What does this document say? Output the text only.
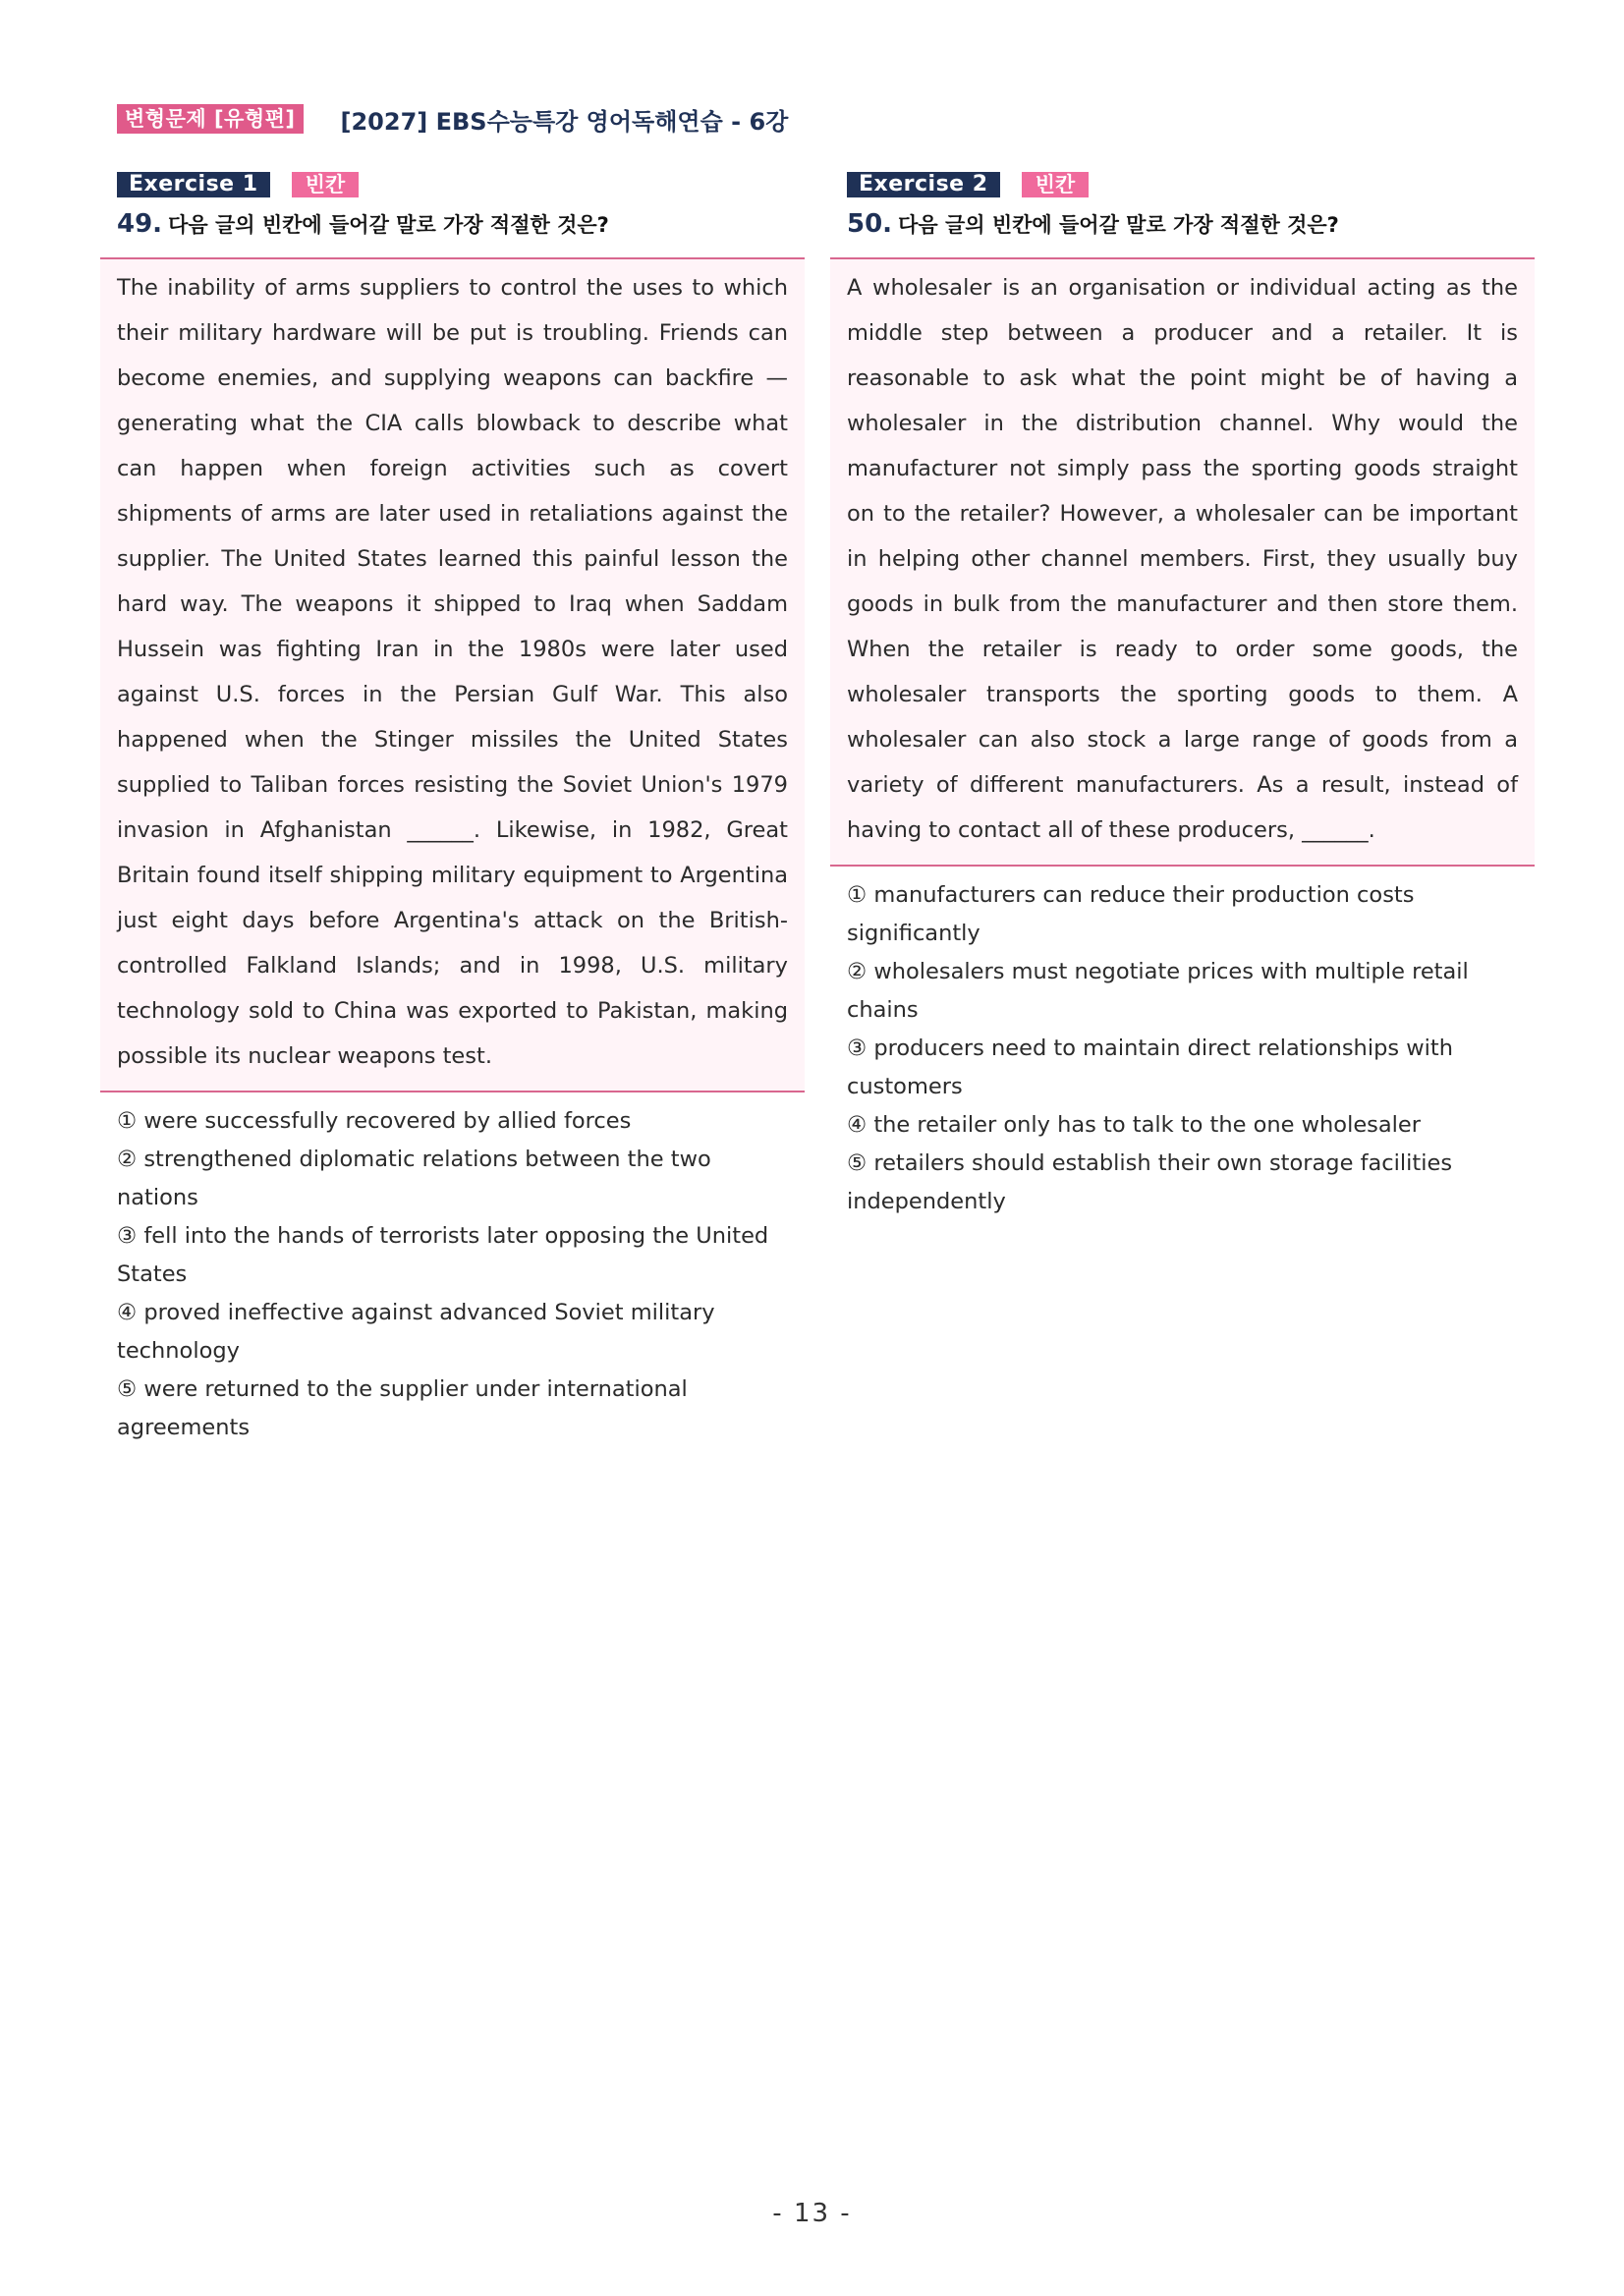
변형문제 [유형편]	[2027] EBS수능특강 영어독해연습 - 6강
Exercise 1	빈칸
49. 다음 글의 빈칸에 들어갈 말로 가장 적절한 것은?
The inability of arms suppliers to control the uses to which their military hardware will be put is troubling. Friends can become enemies, and supplying weapons can backfire — generating what the CIA calls blowback to describe what can happen when foreign activities such as covert shipments of arms are later used in retaliations against the supplier. The United States learned this painful lesson the hard way. The weapons it shipped to Iraq when Saddam Hussein was fighting Iran in the 1980s were later used against U.S. forces in the Persian Gulf War. This also happened when the Stinger missiles the United States supplied to Taliban forces resisting the Soviet Union's 1979 invasion in Afghanistan ______. Likewise, in 1982, Great Britain found itself shipping military equipment to Argentina just eight days before Argentina's attack on the British-controlled Falkland Islands; and in 1998, U.S. military technology sold to China was exported to Pakistan, making possible its nuclear weapons test.
① were successfully recovered by allied forces
② strengthened diplomatic relations between the two nations
③ fell into the hands of terrorists later opposing the United States
④ proved ineffective against advanced Soviet military technology
⑤ were returned to the supplier under international agreements
Exercise 2	빈칸
50. 다음 글의 빈칸에 들어갈 말로 가장 적절한 것은?
A wholesaler is an organisation or individual acting as the middle step between a producer and a retailer. It is reasonable to ask what the point might be of having a wholesaler in the distribution channel. Why would the manufacturer not simply pass the sporting goods straight on to the retailer? However, a wholesaler can be important in helping other channel members. First, they usually buy goods in bulk from the manufacturer and then store them. When the retailer is ready to order some goods, the wholesaler transports the sporting goods to them. A wholesaler can also stock a large range of goods from a variety of different manufacturers. As a result, instead of having to contact all of these producers, ______.
① manufacturers can reduce their production costs significantly
② wholesalers must negotiate prices with multiple retail chains
③ producers need to maintain direct relationships with customers
④ the retailer only has to talk to the one wholesaler
⑤ retailers should establish their own storage facilities independently
- 13 -
